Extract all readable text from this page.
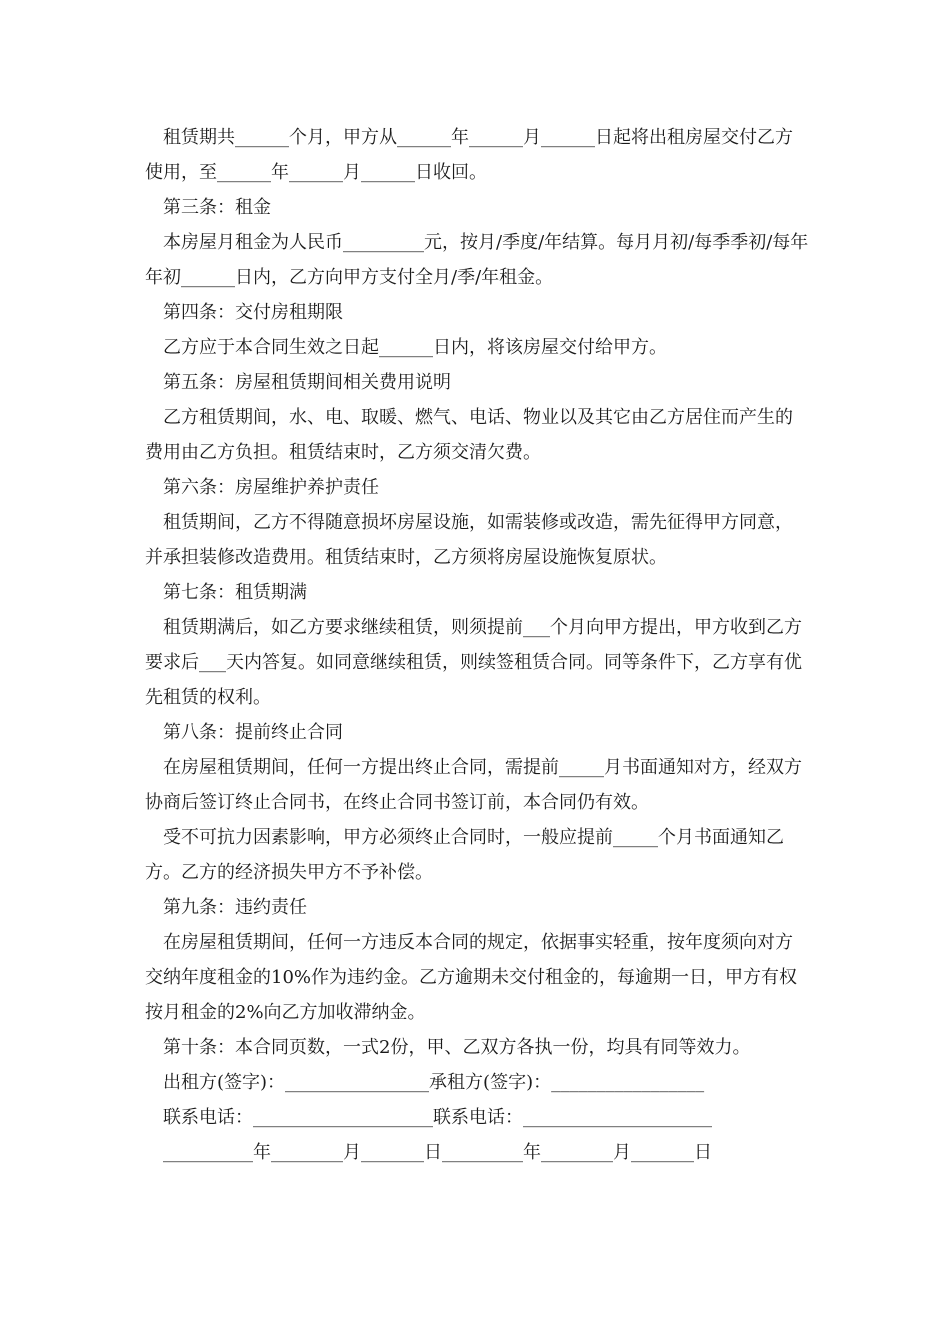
租赁期共______个月，甲方从______年______月______日起将出租房屋交付乙方使用，至______年______月______日收回。

第三条：租金

本房屋月租金为人民币_________元，按月/季度/年结算。每月月初/每季季初/每年年初______日内，乙方向甲方支付全月/季/年租金。

第四条：交付房租期限

乙方应于本合同生效之日起______日内，将该房屋交付给甲方。

第五条：房屋租赁期间相关费用说明

乙方租赁期间，水、电、取暖、燃气、电话、物业以及其它由乙方居住而产生的费用由乙方负担。租赁结束时，乙方须交清欠费。

第六条：房屋维护养护责任

租赁期间，乙方不得随意损坏房屋设施，如需装修或改造，需先征得甲方同意，并承担装修改造费用。租赁结束时，乙方须将房屋设施恢复原状。

第七条：租赁期满

租赁期满后，如乙方要求继续租赁，则须提前___个月向甲方提出，甲方收到乙方要求后___天内答复。如同意继续租赁，则续签租赁合同。同等条件下，乙方享有优先租赁的权利。

第八条：提前终止合同

在房屋租赁期间，任何一方提出终止合同，需提前_____月书面通知对方，经双方协商后签订终止合同书，在终止合同书签订前，本合同仍有效。

受不可抗力因素影响，甲方必须终止合同时，一般应提前_____个月书面通知乙方。乙方的经济损失甲方不予补偿。

第九条：违约责任

在房屋租赁期间，任何一方违反本合同的规定，依据事实轻重，按年度须向对方交纳年度租金的10%作为违约金。乙方逾期未交付租金的，每逾期一日，甲方有权按月租金的2%向乙方加收滞纳金。

第十条：本合同页数，一式2份，甲、乙双方各执一份，均具有同等效力。

出租方(签字)：________________承租方(签字)：_________________

联系电话：____________________联系电话：_____________________

__________年________月_______日_________年________月_______日
